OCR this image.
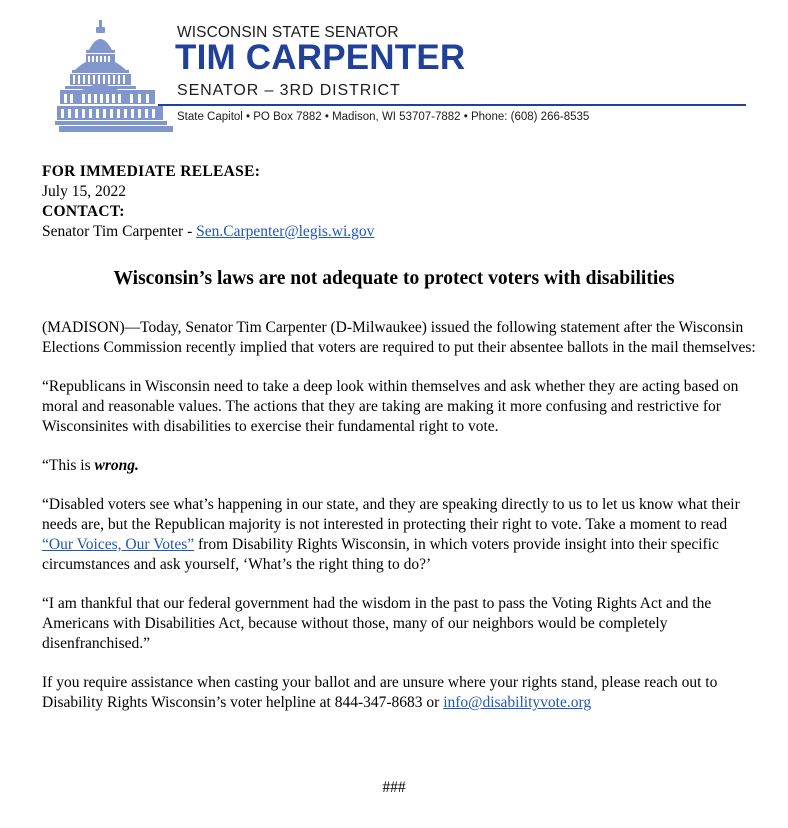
WISCONSIN STATE SENATOR
TIM CARPENTER
SENATOR – 3RD DISTRICT
State Capitol • PO Box 7882 • Madison, WI 53707-7882 • Phone: (608) 266-8535
FOR IMMEDIATE RELEASE:
July 15, 2022
CONTACT:
Senator Tim Carpenter - Sen.Carpenter@legis.wi.gov
Wisconsin’s laws are not adequate to protect voters with disabilities

(MADISON)—Today, Senator Tim Carpenter (D-Milwaukee) issued the following statement after the Wisconsin Elections Commission recently implied that voters are required to put their absentee ballots in the mail themselves:

“Republicans in Wisconsin need to take a deep look within themselves and ask whether they are acting based on moral and reasonable values. The actions that they are taking are making it more confusing and restrictive for Wisconsinites with disabilities to exercise their fundamental right to vote.

“This is wrong.

“Disabled voters see what’s happening in our state, and they are speaking directly to us to let us know what their needs are, but the Republican majority is not interested in protecting their right to vote. Take a moment to read “Our Voices, Our Votes” from Disability Rights Wisconsin, in which voters provide insight into their specific circumstances and ask yourself, ‘What’s the right thing to do?’

“I am thankful that our federal government had the wisdom in the past to pass the Voting Rights Act and the Americans with Disabilities Act, because without those, many of our neighbors would be completely disenfranchised.”

If you require assistance when casting your ballot and are unsure where your rights stand, please reach out to Disability Rights Wisconsin’s voter helpline at 844-347-8683 or info@disabilityvote.org

###
